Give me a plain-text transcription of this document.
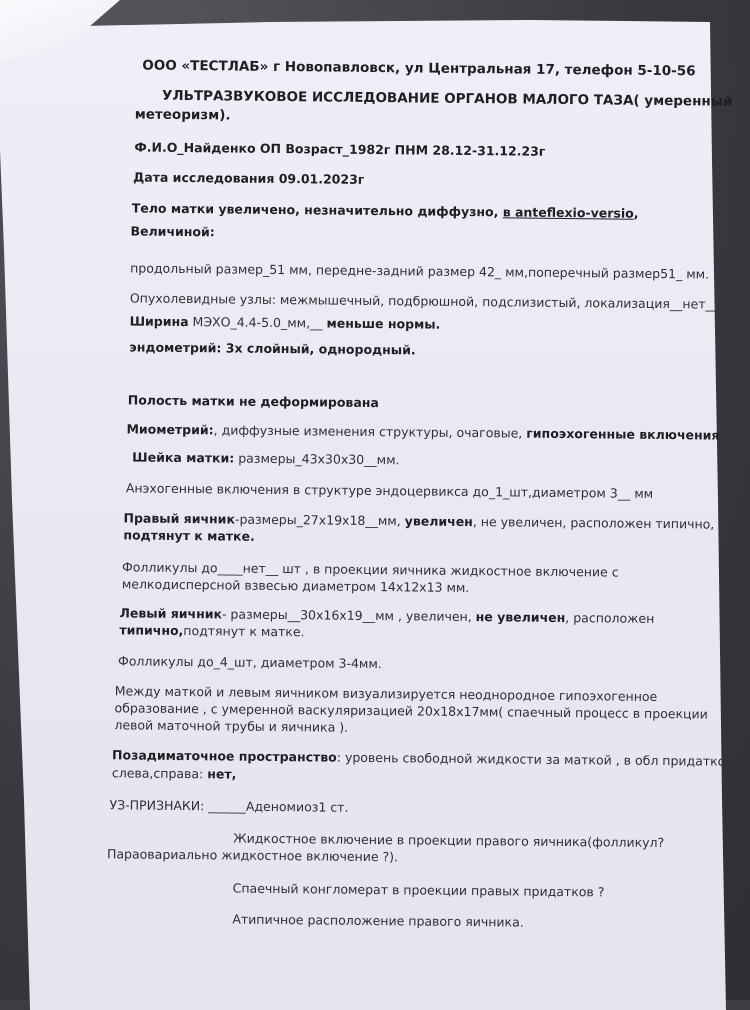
ООО «ТЕСТЛАБ» г Новопавловск, ул Центральная 17, телефон 5-10-56

УЛЬТРАЗВУКОВОЕ ИССЛЕДОВАНИЕ ОРГАНОВ МАЛОГО ТАЗА( умеренный

метеоризм).

Ф.И.О_Найденко ОП Возраст_1982г ПНМ 28.12-31.12.23г

Дата исследования 09.01.2023г

Тело матки увеличено, незначительно диффузно, в anteflexio-versio,

Величиной:

продольный размер_51 мм, передне-задний размер 42_ мм,поперечный размер51_ мм.

Опухолевидные узлы: межмышечный, подбрюшной, подслизистый, локализация__нет__

Ширина МЭХО_4.4-5.0_мм,__ меньше нормы.

эндометрий: 3х слойный, однородный.

Полость матки не деформирована

Миометрий:, диффузные изменения структуры, очаговые, гипоэхогенные включения

Шейка матки: размеры_43х30х30__мм.

Анэхогенные включения в структуре эндоцервикса до_1_шт,диаметром 3__ мм

Правый яичник-размеры_27х19х18__мм, увеличен, не увеличен, расположен типично,

подтянут к матке.

Фолликулы до____нет__ шт , в проекции яичника жидкостное включение с

мелкодисперсной взвесью диаметром 14х12х13 мм.

Левый яичник- размеры__30х16х19__мм , увеличен, не увеличен, расположен

типично,подтянут к матке.

Фолликулы до_4_шт, диаметром 3-4мм.

Между маткой и левым яичником визуализируется неоднородное гипоэхогенное

образование , с умеренной васкуляризацией 20х18х17мм( спаечный процесс в проекции

левой маточной трубы и яичника ).

Позадиматочное пространство: уровень свободной жидкости за маткой , в обл придатков

слева,справа: нет,

УЗ-ПРИЗНАКИ: ______Аденомиоз1 ст.

Жидкостное включение в проекции правого яичника(фолликул?

Параовариально жидкостное включение ?).

Спаечный конгломерат в проекции правых придатков ?

Атипичное расположение правого яичника.
